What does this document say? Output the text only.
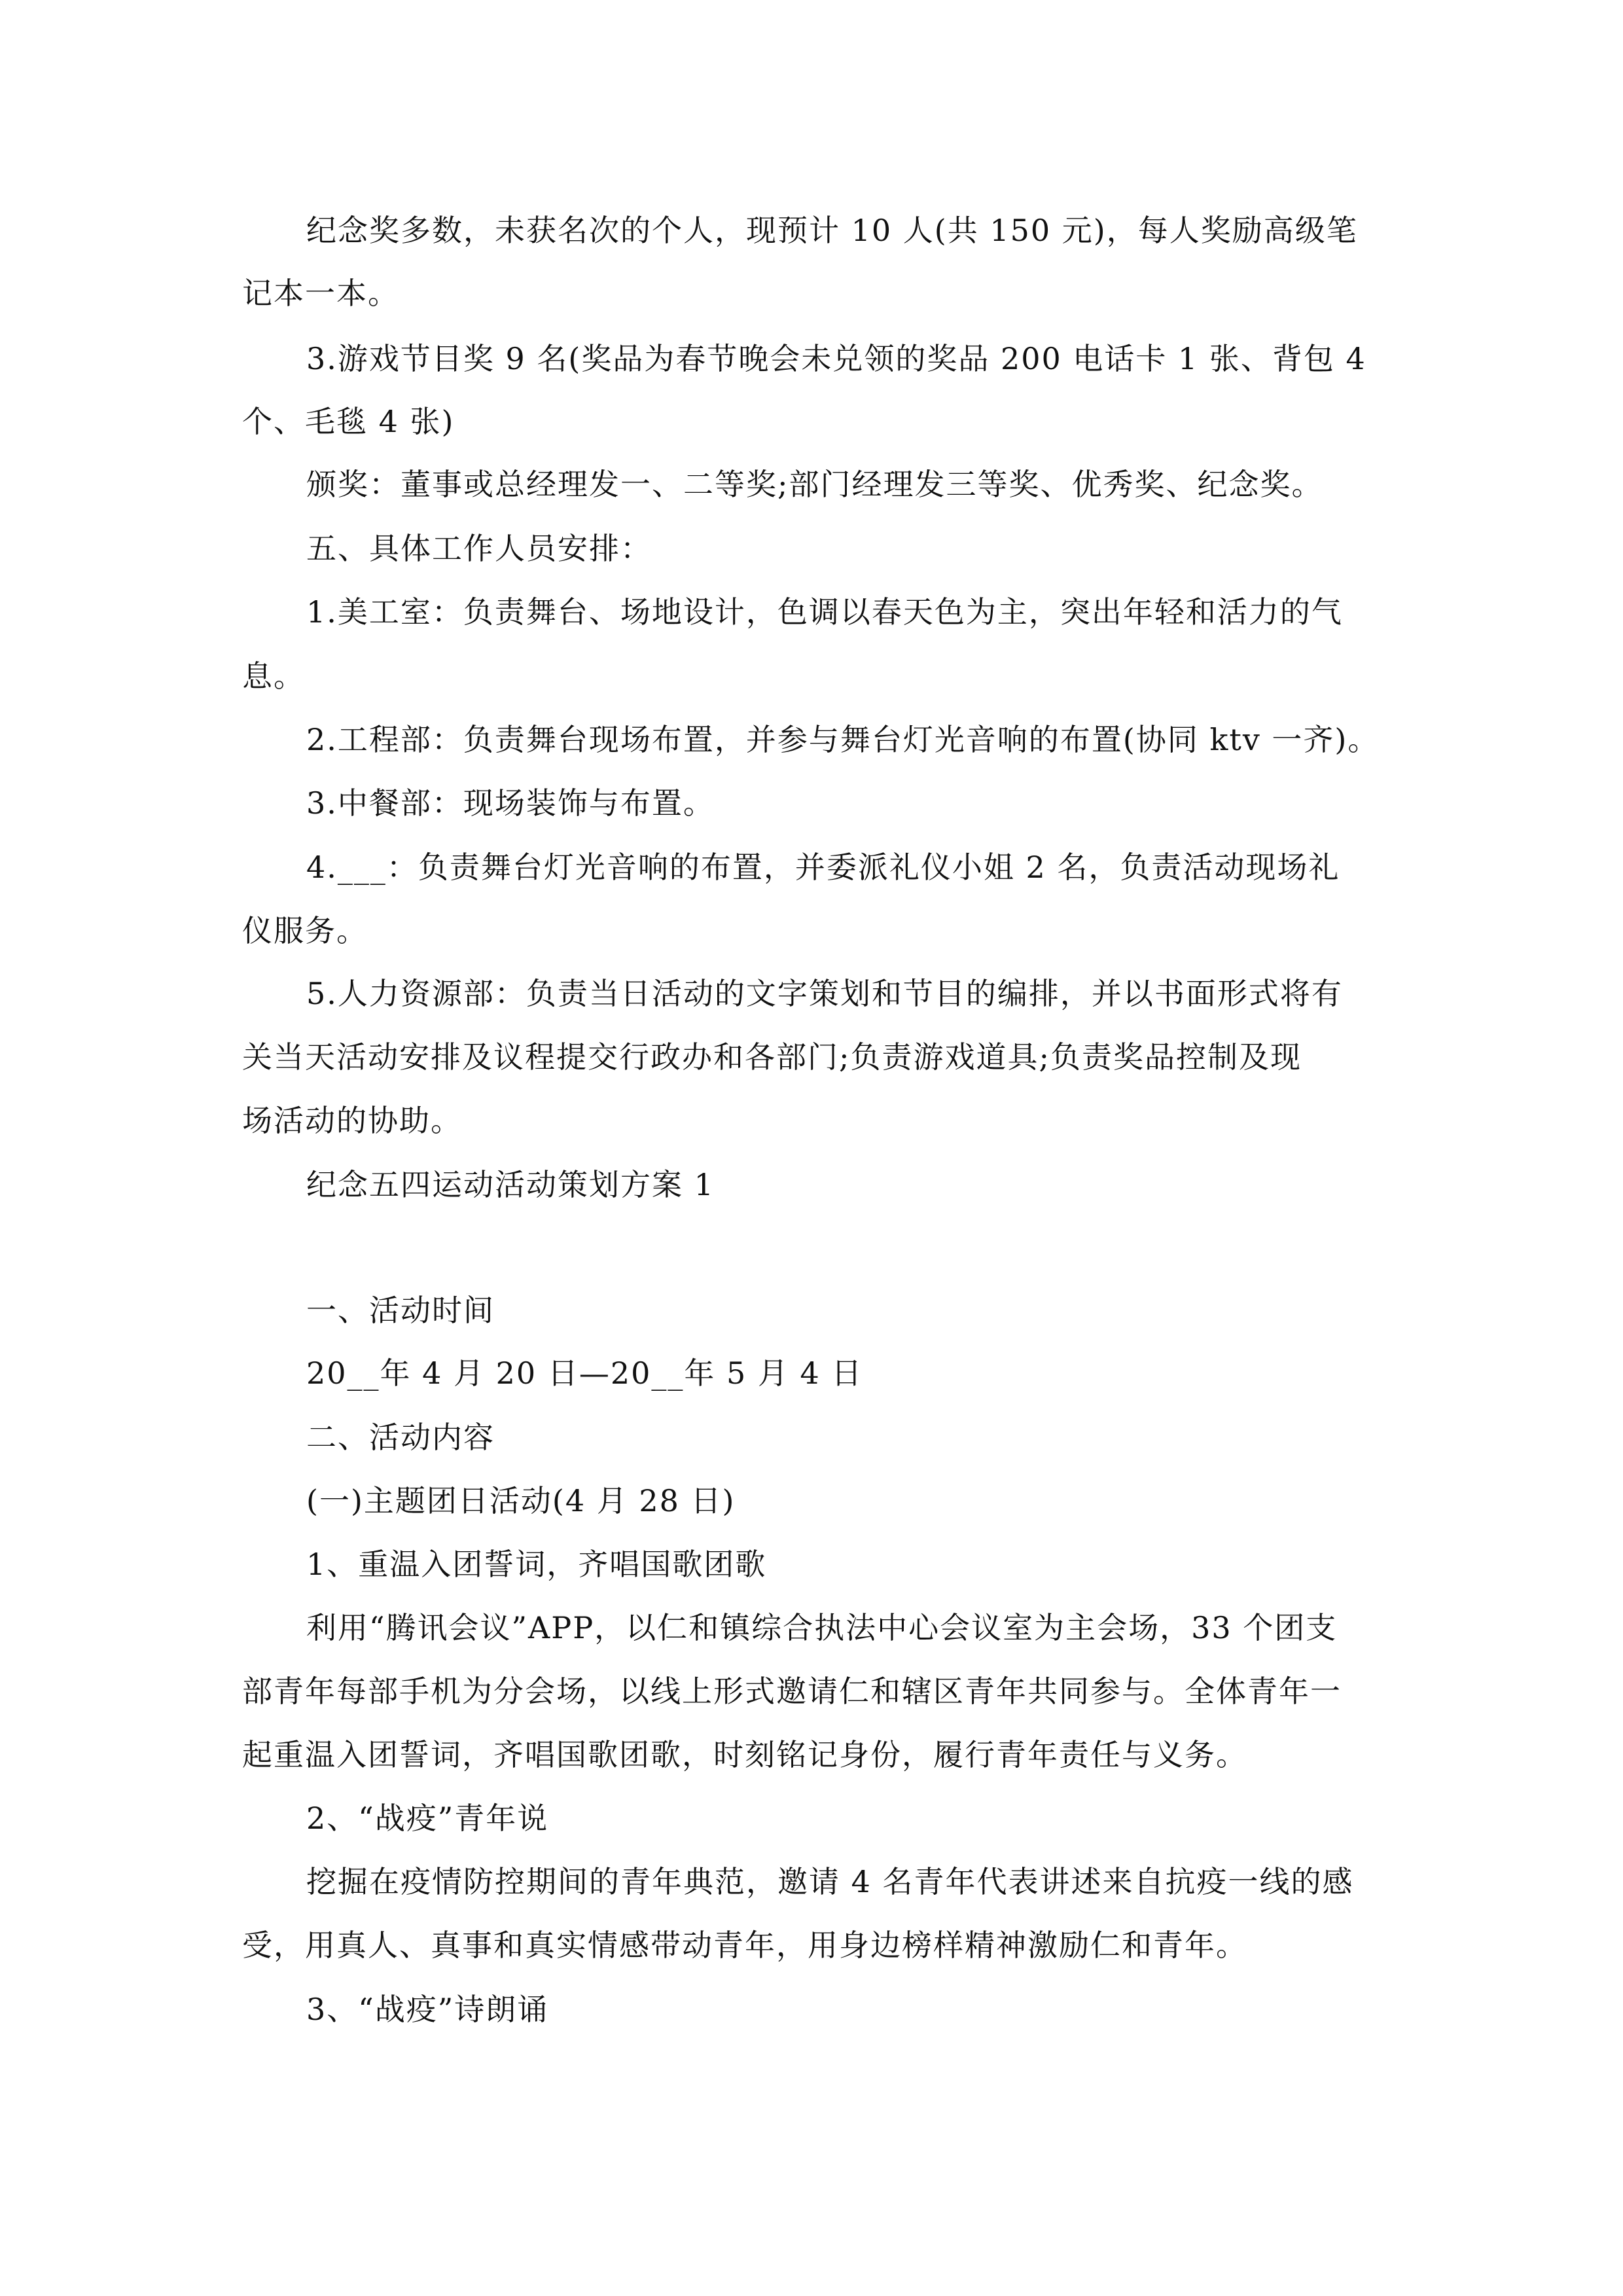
纪念奖多数，未获名次的个人，现预计 10 人(共 150 元)，每人奖励高级笔
记本一本。
3.游戏节目奖 9 名(奖品为春节晚会未兑领的奖品 200 电话卡 1 张、背包 4
个、毛毯 4 张)
颁奖：董事或总经理发一、二等奖;部门经理发三等奖、优秀奖、纪念奖。
五、具体工作人员安排：
1.美工室：负责舞台、场地设计，色调以春天色为主，突出年轻和活力的气
息。
2.工程部：负责舞台现场布置，并参与舞台灯光音响的布置(协同 ktv 一齐)。
3.中餐部：现场装饰与布置。
4.___：负责舞台灯光音响的布置，并委派礼仪小姐 2 名，负责活动现场礼
仪服务。
5.人力资源部：负责当日活动的文字策划和节目的编排，并以书面形式将有
关当天活动安排及议程提交行政办和各部门;负责游戏道具;负责奖品控制及现
场活动的协助。
纪念五四运动活动策划方案 1
一、活动时间
20__年 4 月 20 日—20__年 5 月 4 日
二、活动内容
(一)主题团日活动(4 月 28 日)
1、重温入团誓词，齐唱国歌团歌
利用“腾讯会议”APP，以仁和镇综合执法中心会议室为主会场，33 个团支
部青年每部手机为分会场，以线上形式邀请仁和辖区青年共同参与。全体青年一
起重温入团誓词，齐唱国歌团歌，时刻铭记身份，履行青年责任与义务。
2、“战疫”青年说
挖掘在疫情防控期间的青年典范，邀请 4 名青年代表讲述来自抗疫一线的感
受，用真人、真事和真实情感带动青年，用身边榜样精神激励仁和青年。
3、“战疫”诗朗诵
